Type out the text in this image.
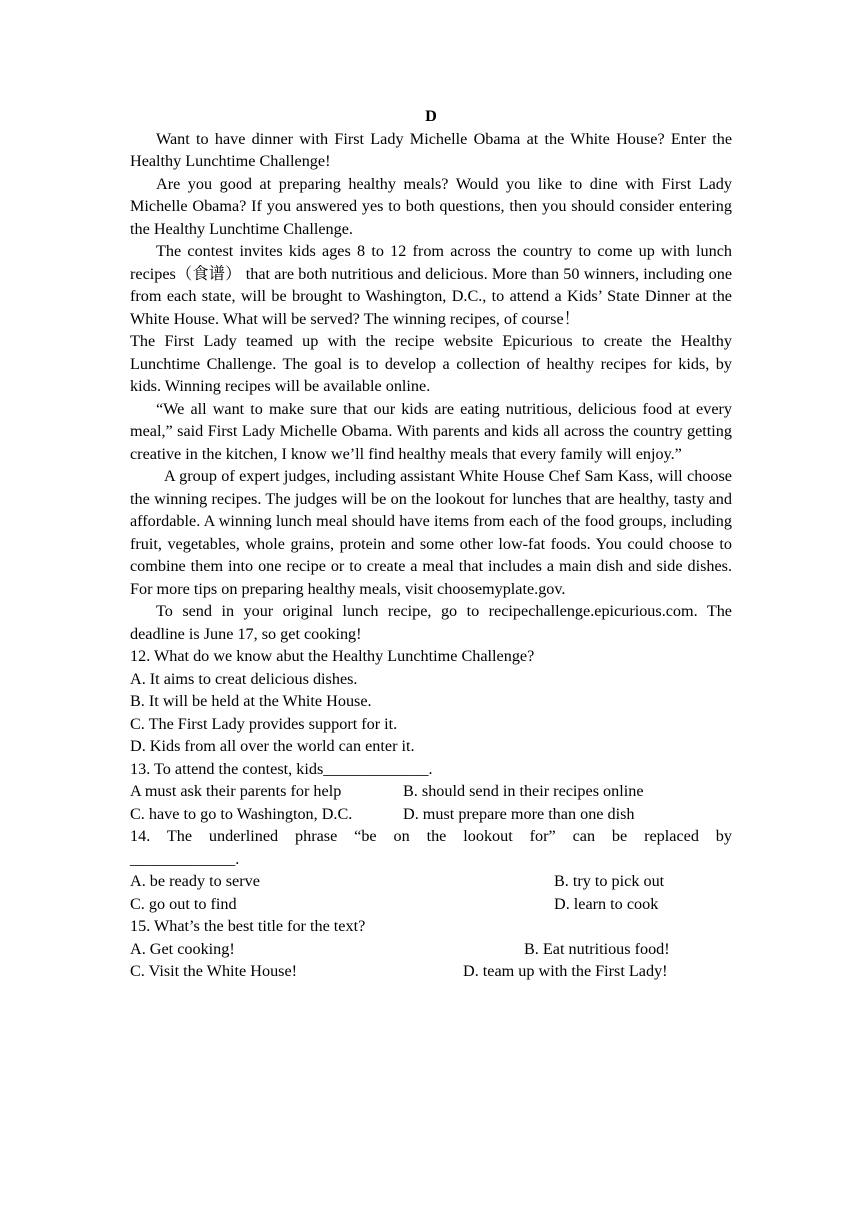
D

Want to have dinner with First Lady Michelle Obama at the White House? Enter the Healthy Lunchtime Challenge!

Are you good at preparing healthy meals? Would you like to dine with First Lady Michelle Obama? If you answered yes to both questions, then you should consider entering the Healthy Lunchtime Challenge.

The contest invites kids ages 8 to 12 from across the country to come up with lunch recipes（食谱） that are both nutritious and delicious. More than 50 winners, including one from each state, will be brought to Washington, D.C., to attend a Kids’ State Dinner at the White House. What will be served? The winning recipes, of course！

The First Lady teamed up with the recipe website Epicurious to create the Healthy Lunchtime Challenge. The goal is to develop a collection of healthy recipes for kids, by kids. Winning recipes will be available online.

“We all want to make sure that our kids are eating nutritious, delicious food at every meal,” said First Lady Michelle Obama. With parents and kids all across the country getting creative in the kitchen, I know we’ll find healthy meals that every family will enjoy.”

A group of expert judges, including assistant White House Chef Sam Kass, will choose the winning recipes. The judges will be on the lookout for lunches that are healthy, tasty and affordable. A winning lunch meal should have items from each of the food groups, including fruit, vegetables, whole grains, protein and some other low-fat foods. You could choose to combine them into one recipe or to create a meal that includes a main dish and side dishes. For more tips on preparing healthy meals, visit choosemyplate.gov.

To send in your original lunch recipe, go to recipechallenge.epicurious.com. The deadline is June 17, so get cooking!

12. What do we know abut the Healthy Lunchtime Challenge?

A. It aims to creat delicious dishes.

B. It will be held at the White House.

C. The First Lady provides support for it.

D. Kids from all over the world can enter it.

13. To attend the contest, kids_____________.

A must ask their parents for help	B. should send in their recipes online
C. have to go to Washington, D.C.	D. must prepare more than one dish

14. The underlined phrase “be on the lookout for” can be replaced by

_____________.

A. be ready to serve	B. try to pick out
C. go out to find	D. learn to cook

15. What’s the best title for the text?

A. Get cooking!	B. Eat nutritious food!
C. Visit the White House!	D. team up with the First Lady!
